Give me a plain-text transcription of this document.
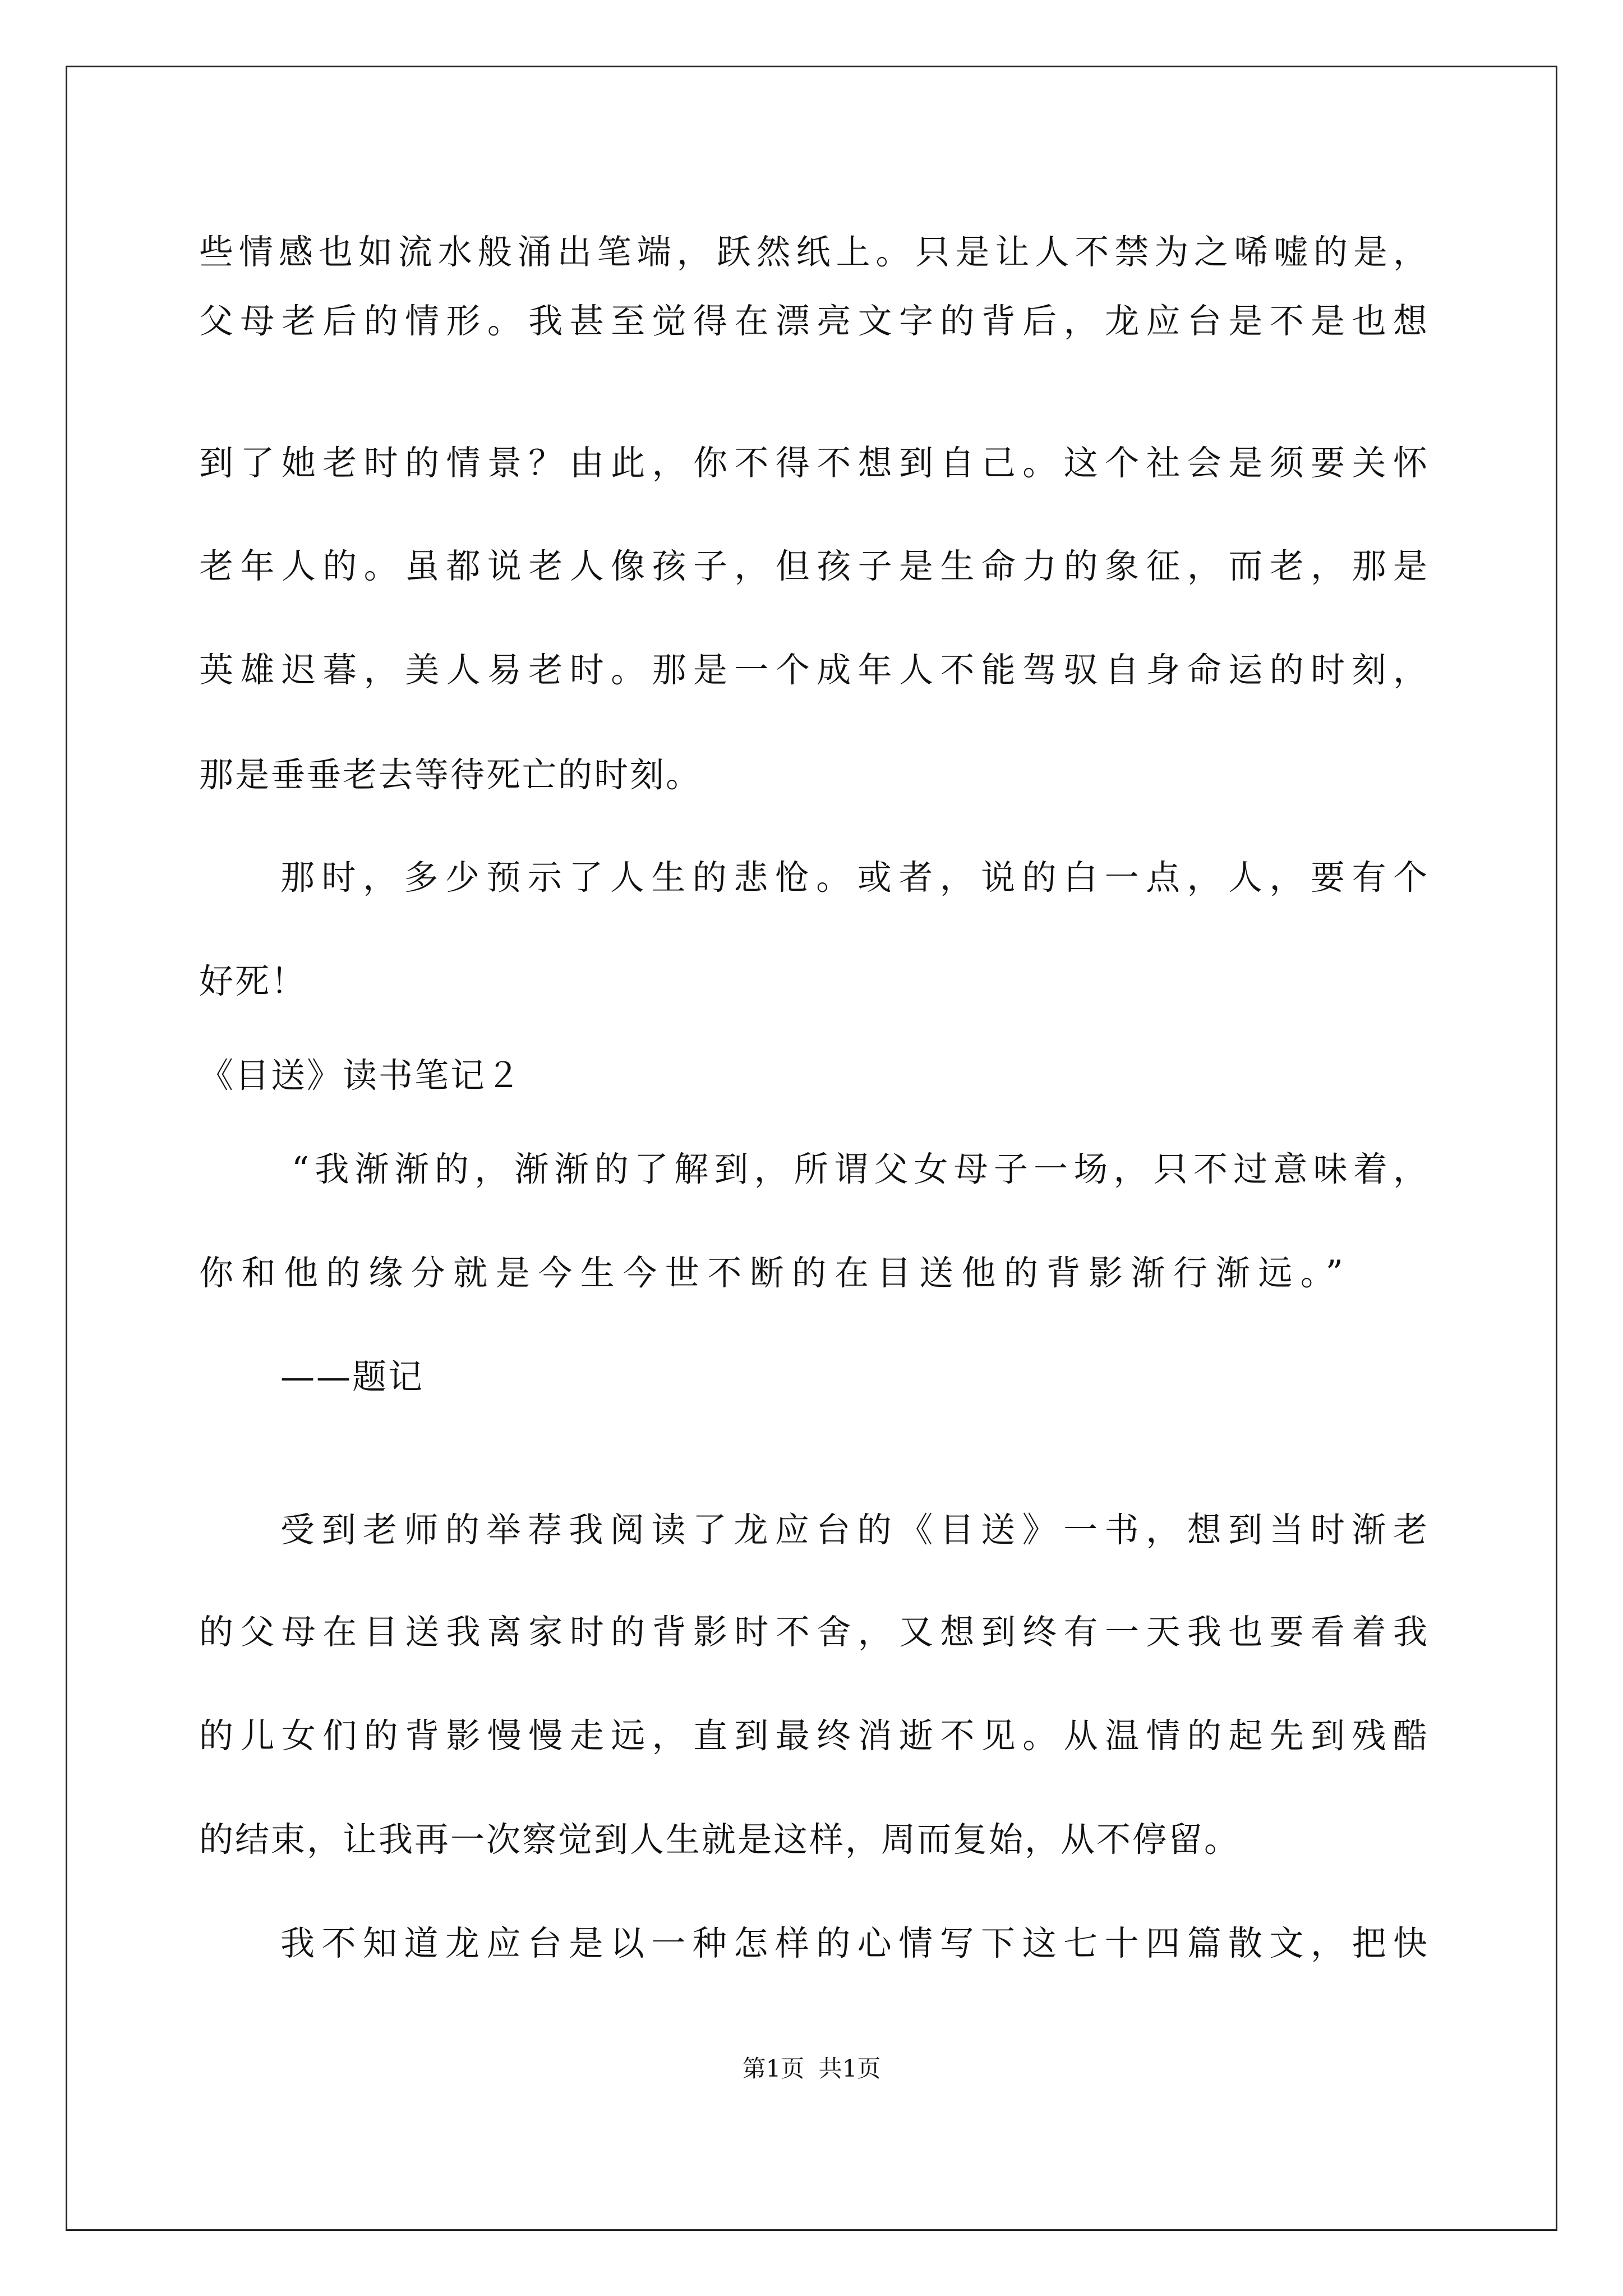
些情感也如流水般涌出笔端，跃然纸上。只是让人不禁为之唏嘘的是，
父母老后的情形。我甚至觉得在漂亮文字的背后，龙应台是不是也想
到了她老时的情景？由此，你不得不想到自己。这个社会是须要关怀
老年人的。虽都说老人像孩子，但孩子是生命力的象征，而老，那是
英雄迟暮，美人易老时。那是一个成年人不能驾驭自身命运的时刻，
那是垂垂老去等待死亡的时刻。
那时，多少预示了人生的悲怆。或者，说的白一点，人，要有个
好死！
《目送》读书笔记２
“我渐渐的，渐渐的了解到，所谓父女母子一场，只不过意味着，
你和他的缘分就是今生今世不断的在目送他的背影渐行渐远。”
——题记
受到老师的举荐我阅读了龙应台的《目送》一书，想到当时渐老
的父母在目送我离家时的背影时不舍，又想到终有一天我也要看着我
的儿女们的背影慢慢走远，直到最终消逝不见。从温情的起先到残酷
的结束，让我再一次察觉到人生就是这样，周而复始，从不停留。
我不知道龙应台是以一种怎样的心情写下这七十四篇散文，把快
第1页 共1页
